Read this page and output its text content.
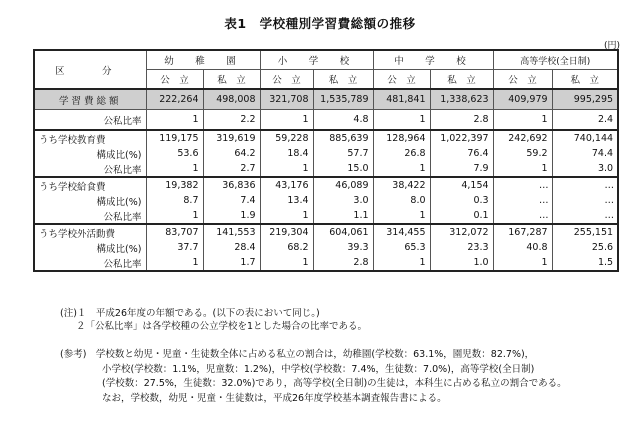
表1　学校種別学習費総額の推移
(円)
区　分	幼　稚　園		小　学　校		中　学　校		高等学校(全日制)	
	公　立	私　立	公　立	私　立	公　立	私　立	公　立	私　立
学習費総額	222,264	498,008	321,708	1,535,789	481,841	1,338,623	409,979	995,295
公私比率	1	2.2	1	4.8	1	2.8	1	2.4
うち学校教育費	119,175	319,619	59,228	885,639	128,964	1,022,397	242,692	740,144
構成比(%)	53.6	64.2	18.4	57.7	26.8	76.4	59.2	74.4
公私比率	1	2.7	1	15.0	1	7.9	1	3.0
うち学校給食費	19,382	36,836	43,176	46,089	38,422	4,154	…	…
構成比(%)	8.7	7.4	13.4	3.0	8.0	0.3	…	…
公私比率	1	1.9	1	1.1	1	0.1	…	…
うち学校外活動費	83,707	141,553	219,304	604,061	314,455	312,072	167,287	255,151
構成比(%)	37.7	28.4	68.2	39.3	65.3	23.3	40.8	25.6
公私比率	1	1.7	1	2.8	1	1.0	1	1.5
(注)１　平成26年度の年額である。(以下の表において同じ。)
２「公私比率」は各学校種の公立学校を1とした場合の比率である。
(参考)　学校数と幼児・児童・生徒数全体に占める私立の割合は，幼稚園(学校数：63.1%，園児数：82.7%)，
小学校(学校数：1.1%，児童数：1.2%)，中学校(学校数：7.4%，生徒数：7.0%)，高等学校(全日制)
(学校数：27.5%，生徒数：32.0%)であり，高等学校(全日制)の生徒は，本科生に占める私立の割合である。
なお，学校数，幼児・児童・生徒数は，平成26年度学校基本調査報告書による。
